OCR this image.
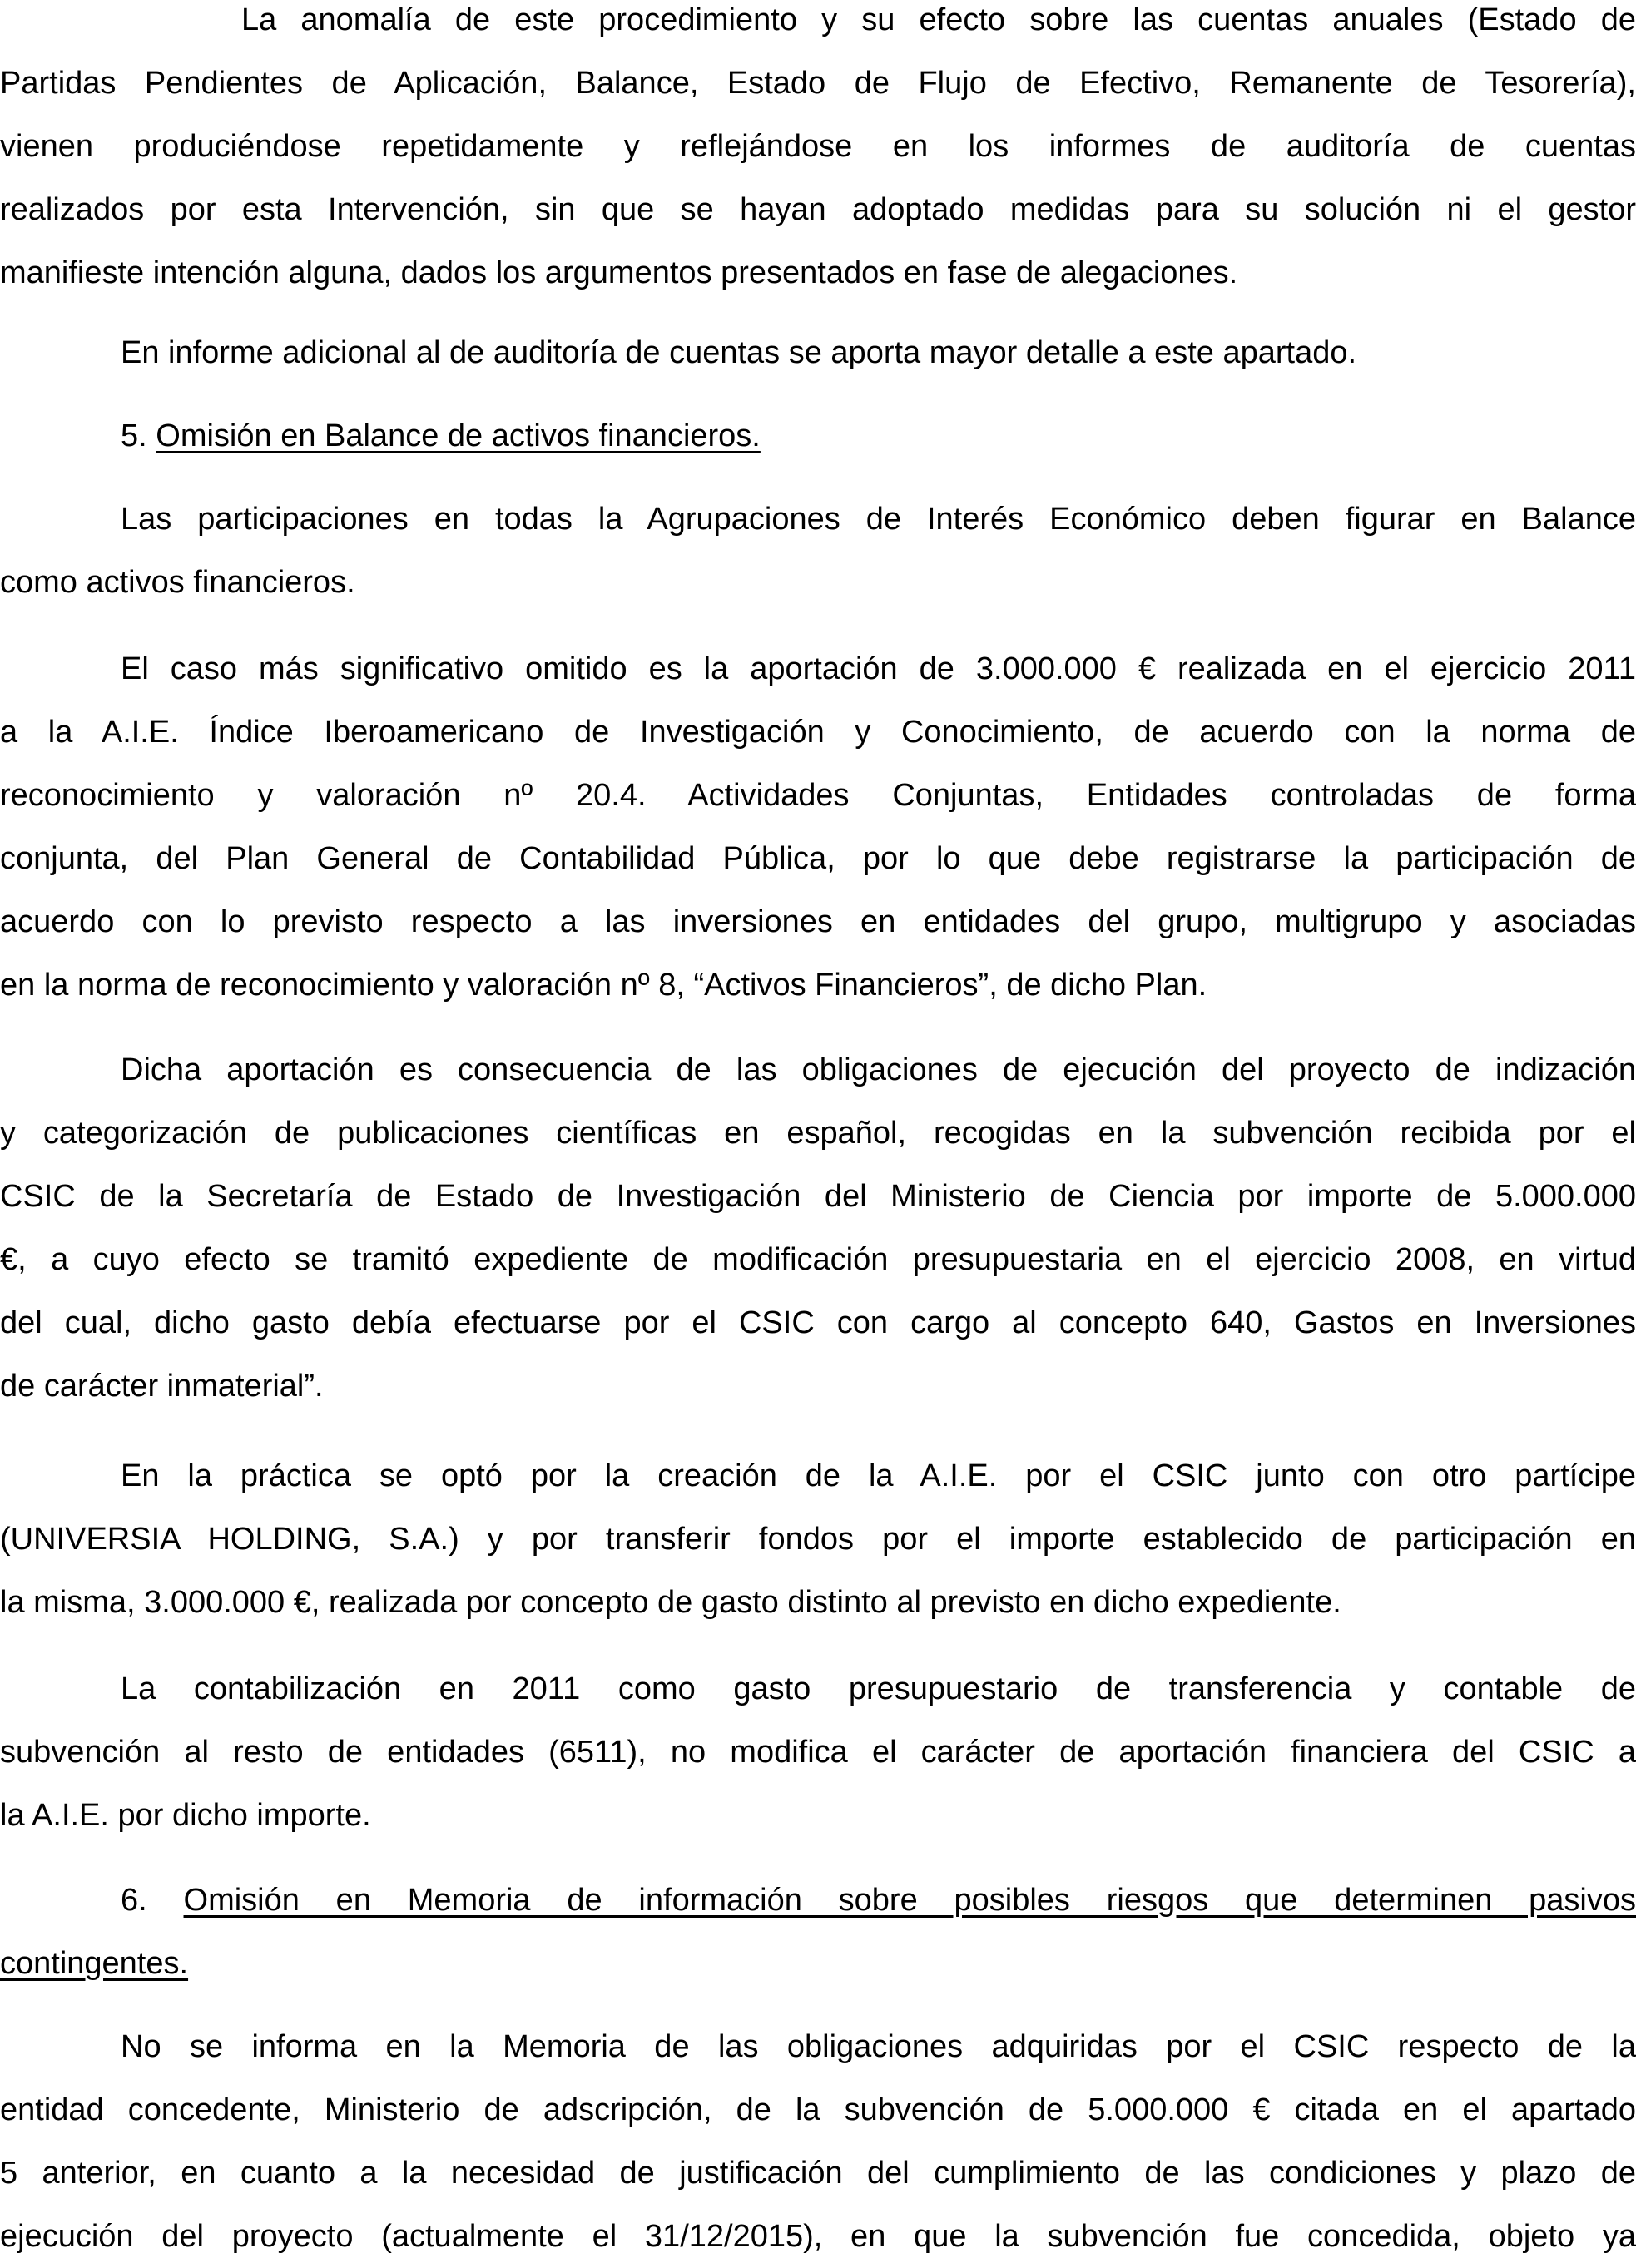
La anomalía de este procedimiento y su efecto sobre las cuentas anuales (Estado de
Partidas Pendientes de Aplicación, Balance, Estado de Flujo de Efectivo, Remanente de Tesorería),
vienen produciéndose repetidamente y reflejándose en los informes de auditoría de cuentas
realizados por esta Intervención, sin que se hayan adoptado medidas para su solución ni el gestor
manifieste intención alguna, dados los argumentos presentados en fase de alegaciones.
En informe adicional al de auditoría de cuentas se aporta mayor detalle a este apartado.
5. Omisión en Balance de activos financieros.
Las participaciones en todas la Agrupaciones de Interés Económico deben figurar en Balance
como activos financieros.
El caso más significativo omitido es la aportación de 3.000.000 € realizada en el ejercicio 2011
a la A.I.E. Índice Iberoamericano de Investigación y Conocimiento, de acuerdo con la norma de
reconocimiento y valoración nº 20.4. Actividades Conjuntas, Entidades controladas de forma
conjunta, del Plan General de Contabilidad Pública, por lo que debe registrarse la participación de
acuerdo con lo previsto respecto a las inversiones en entidades del grupo, multigrupo y asociadas
en la norma de reconocimiento y valoración nº 8, “Activos Financieros”, de dicho Plan.
Dicha aportación es consecuencia de las obligaciones de ejecución del proyecto de indización
y categorización de publicaciones científicas en español, recogidas en la subvención recibida por el
CSIC de la Secretaría de Estado de Investigación del Ministerio de Ciencia por importe de 5.000.000
€, a cuyo efecto se tramitó expediente de modificación presupuestaria en el ejercicio 2008, en virtud
del cual, dicho gasto debía efectuarse por el CSIC con cargo al concepto 640, Gastos en Inversiones
de carácter inmaterial”.
En la práctica se optó por la creación de la A.I.E. por el CSIC junto con otro partícipe
(UNIVERSIA HOLDING, S.A.) y por transferir fondos por el importe establecido de participación en
la misma, 3.000.000 €, realizada por concepto de gasto distinto al previsto en dicho expediente.
La contabilización en 2011 como gasto presupuestario de transferencia y contable de
subvención al resto de entidades (6511), no modifica el carácter de aportación financiera del CSIC a
la A.I.E. por dicho importe.
6. Omisión en Memoria de información sobre posibles riesgos que determinen pasivos
contingentes.
No se informa en la Memoria de las obligaciones adquiridas por el CSIC respecto de la
entidad concedente, Ministerio de adscripción, de la subvención de 5.000.000 € citada en el apartado
5 anterior, en cuanto a la necesidad de justificación del cumplimiento de las condiciones y plazo de
ejecución del proyecto (actualmente el 31/12/2015), en que la subvención fue concedida, objeto ya
